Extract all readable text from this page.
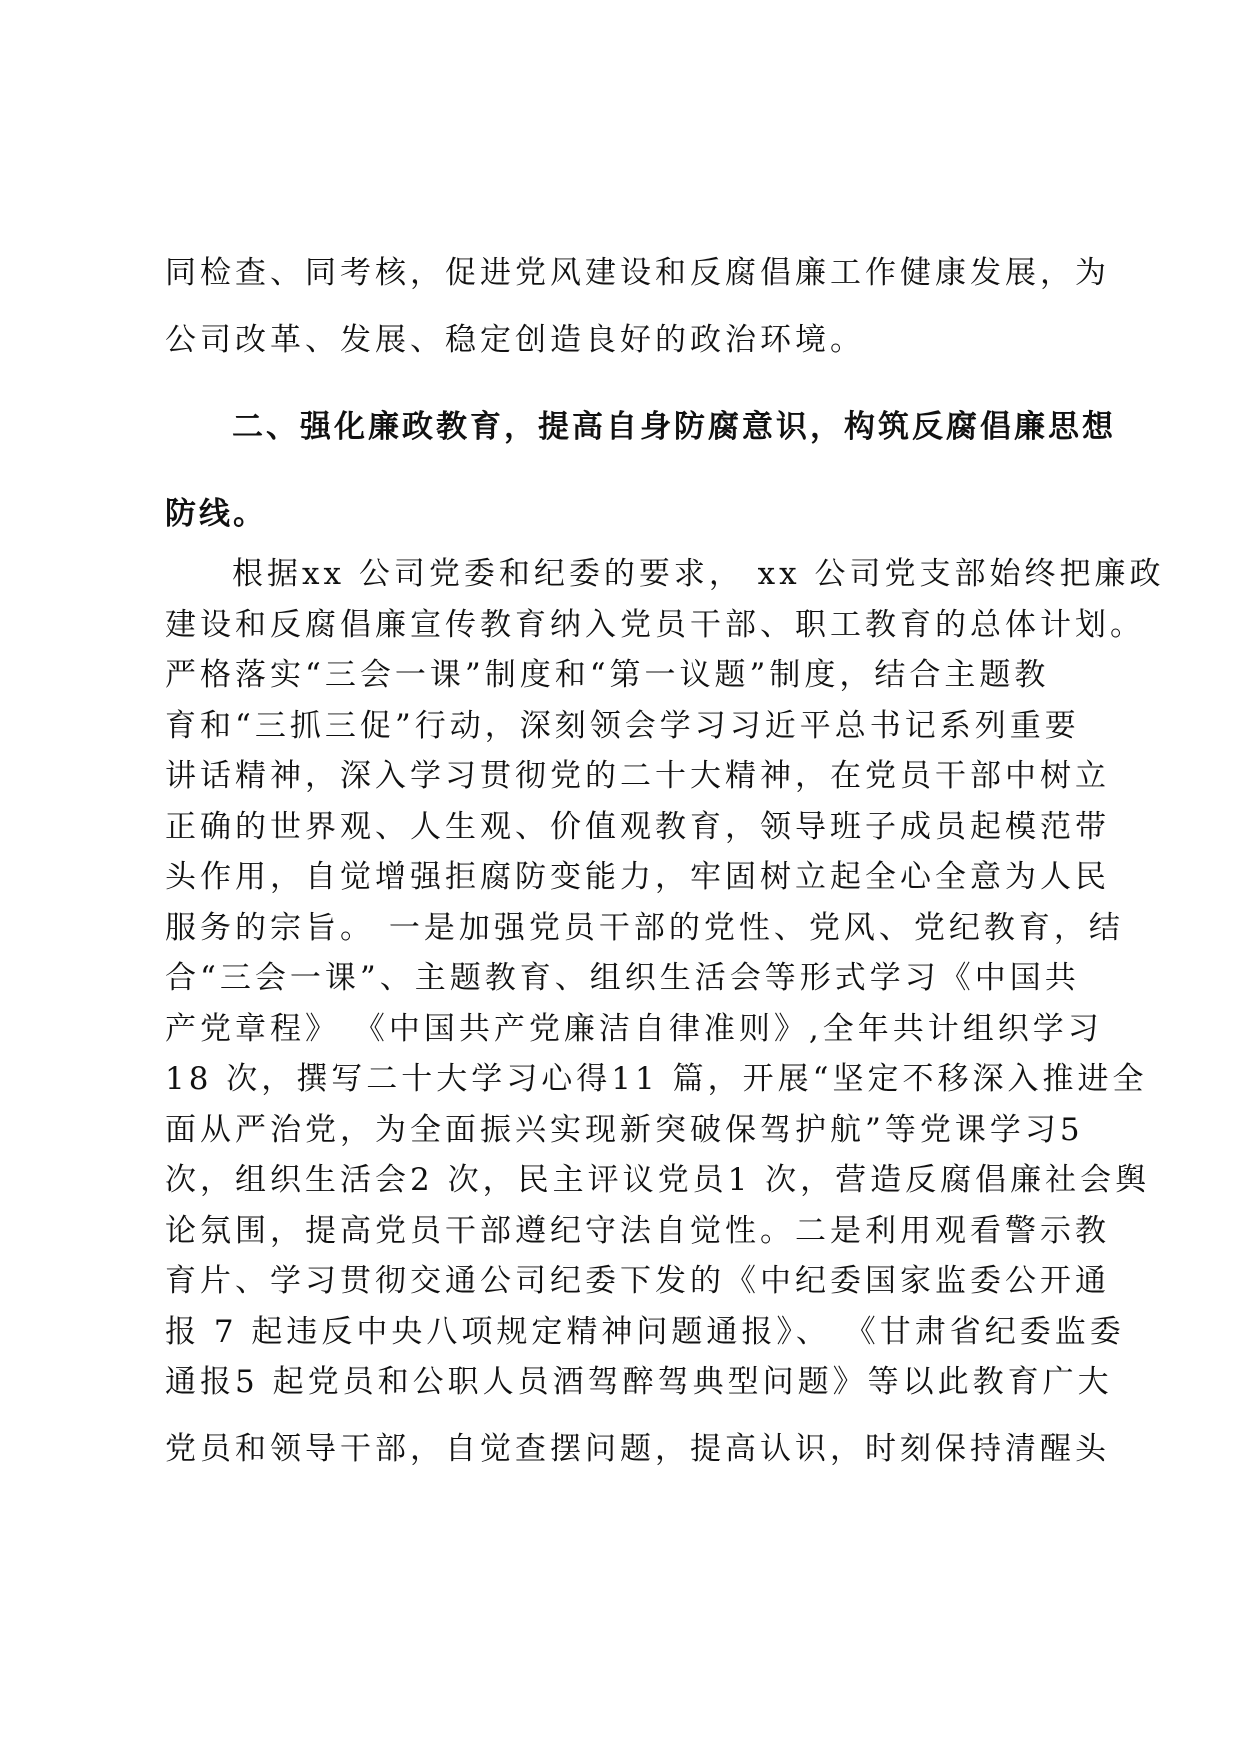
同检查、同考核，促进党风建设和反腐倡廉工作健康发展，为
公司改革、发展、稳定创造良好的政治环境。
二、强化廉政教育，提高自身防腐意识，构筑反腐倡廉思想
防线。
根据xx 公司党委和纪委的要求， xx 公司党支部始终把廉政
建设和反腐倡廉宣传教育纳入党员干部、职工教育的总体计划。
严格落实“三会一课”制度和“第一议题”制度，结合主题教
育和“三抓三促”行动，深刻领会学习习近平总书记系列重要
讲话精神，深入学习贯彻党的二十大精神，在党员干部中树立
正确的世界观、人生观、价值观教育，领导班子成员起模范带
头作用，自觉增强拒腐防变能力，牢固树立起全心全意为人民
服务的宗旨。 一是加强党员干部的党性、党风、党纪教育，结
合“三会一课”、主题教育、组织生活会等形式学习《中国共
产党章程》 《中国共产党廉洁自律准则》,全年共计组织学习
18 次，撰写二十大学习心得11 篇，开展“坚定不移深入推进全
面从严治党，为全面振兴实现新突破保驾护航”等党课学习5
次，组织生活会2 次，民主评议党员1 次，营造反腐倡廉社会舆
论氛围，提高党员干部遵纪守法自觉性。二是利用观看警示教
育片、学习贯彻交通公司纪委下发的《中纪委国家监委公开通
报 7 起违反中央八项规定精神问题通报》、 《甘肃省纪委监委
通报5 起党员和公职人员酒驾醉驾典型问题》等以此教育广大
党员和领导干部，自觉查摆问题，提高认识，时刻保持清醒头
